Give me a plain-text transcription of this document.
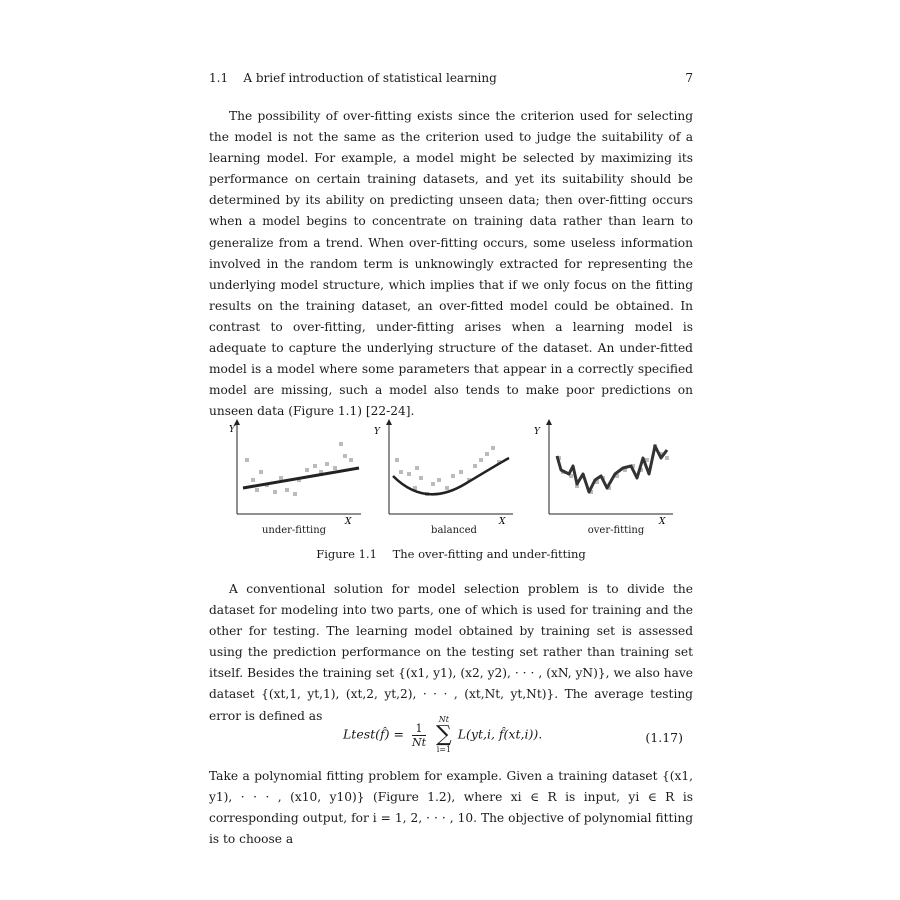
1.1 A brief introduction of statistical learning	7

The possibility of over-fitting exists since the criterion used for selecting the model is not the same as the criterion used to judge the suitability of a learning model. For example, a model might be selected by maximizing its performance on certain training datasets, and yet its suitability should be determined by its ability on predicting unseen data; then over-fitting occurs when a model begins to concentrate on training data rather than learn to generalize from a trend. When over-fitting occurs, some useless information involved in the random term is unknowingly extracted for representing the underlying model structure, which implies that if we only focus on the fitting results on the training dataset, an over-fitted model could be obtained. In contrast to over-fitting, under-fitting arises when a learning model is adequate to capture the underlying structure of the dataset. An under-fitted model is a model where some parameters that appear in a correctly specified model are missing, such a model also tends to make poor predictions on unseen data (Figure 1.1) [22-24].

Y
X
Y
X
Y
X
under-fitting	balanced	over-fitting
Figure 1.1 The over-fitting and under-fitting

A conventional solution for model selection problem is to divide the dataset for modeling into two parts, one of which is used for training and the other for testing. The learning model obtained by training set is assessed using the prediction performance on the testing set rather than training set itself. Besides the training set {(x1, y1), (x2, y2), · · · , (xN, yN)}, we also have dataset {(xt,1, yt,1), (xt,2, yt,2), · · · , (xt,Nt, yt,Nt)}. The average testing error is defined as

Ltest(f̂) = $\frac{1}{Nt}$

Nt
∑
i=1
L(yt,i, f̂(xt,i)).	(1.17)

Take a polynomial fitting problem for example. Given a training dataset {(x1, y1), · · · , (x10, y10)} (Figure 1.2), where xi ∈ R is input, yi ∈ R is corresponding output, for i = 1, 2, · · · , 10. The objective of polynomial fitting is to choose a
